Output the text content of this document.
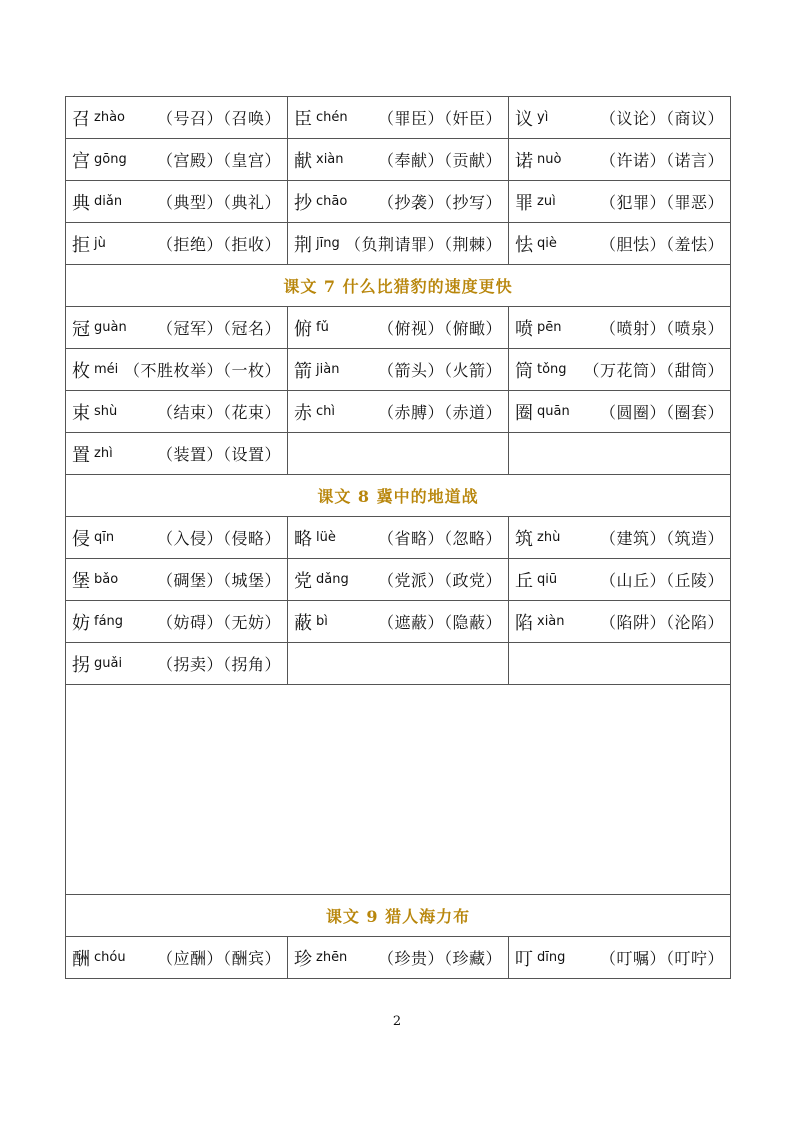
召 zhào （号召）（召唤）	臣 chén （罪臣）（奸臣）	议 yì （议论）（商议）

宫 gōng （宫殿）（皇宫）	献 xiàn （奉献）（贡献）	诺 nuò （许诺）（诺言）

典 diǎn （典型）（典礼）	抄 chāo （抄袭）（抄写）	罪 zuì （犯罪）（罪恶）

拒 jù （拒绝）（拒收）	荆 jīng （负荆请罪）（荆棘）	怯 qiè （胆怯）（羞怯）

课文 7 什么比猎豹的速度更快		

冠 guàn （冠军）（冠名）	俯 fǔ （俯视）（俯瞰）	喷 pēn （喷射）（喷泉）

枚 méi （不胜枚举）（一枚）	箭 jiàn （箭头）（火箭）	筒 tǒng （万花筒）（甜筒）

束 shù （结束）（花束）	赤 chì （赤膊）（赤道）	圈 quān （圆圈）（圈套）

置 zhì （装置）（设置）		

课文 8 冀中的地道战		

侵 qīn （入侵）（侵略）	略 lüè （省略）（忽略）	筑 zhù （建筑）（筑造）

堡 bǎo （碉堡）（城堡）	党 dǎng （党派）（政党）	丘 qiū （山丘）（丘陵）

妨 fáng （妨碍）（无妨）	蔽 bì （遮蔽）（隐蔽）	陷 xiàn （陷阱）（沦陷）

拐 guǎi （拐卖）（拐角）		

课文 9 猎人海力布		

酬 chóu （应酬）（酬宾）	珍 zhēn （珍贵）（珍藏）	叮 dīng （叮嘱）（叮咛）
2
